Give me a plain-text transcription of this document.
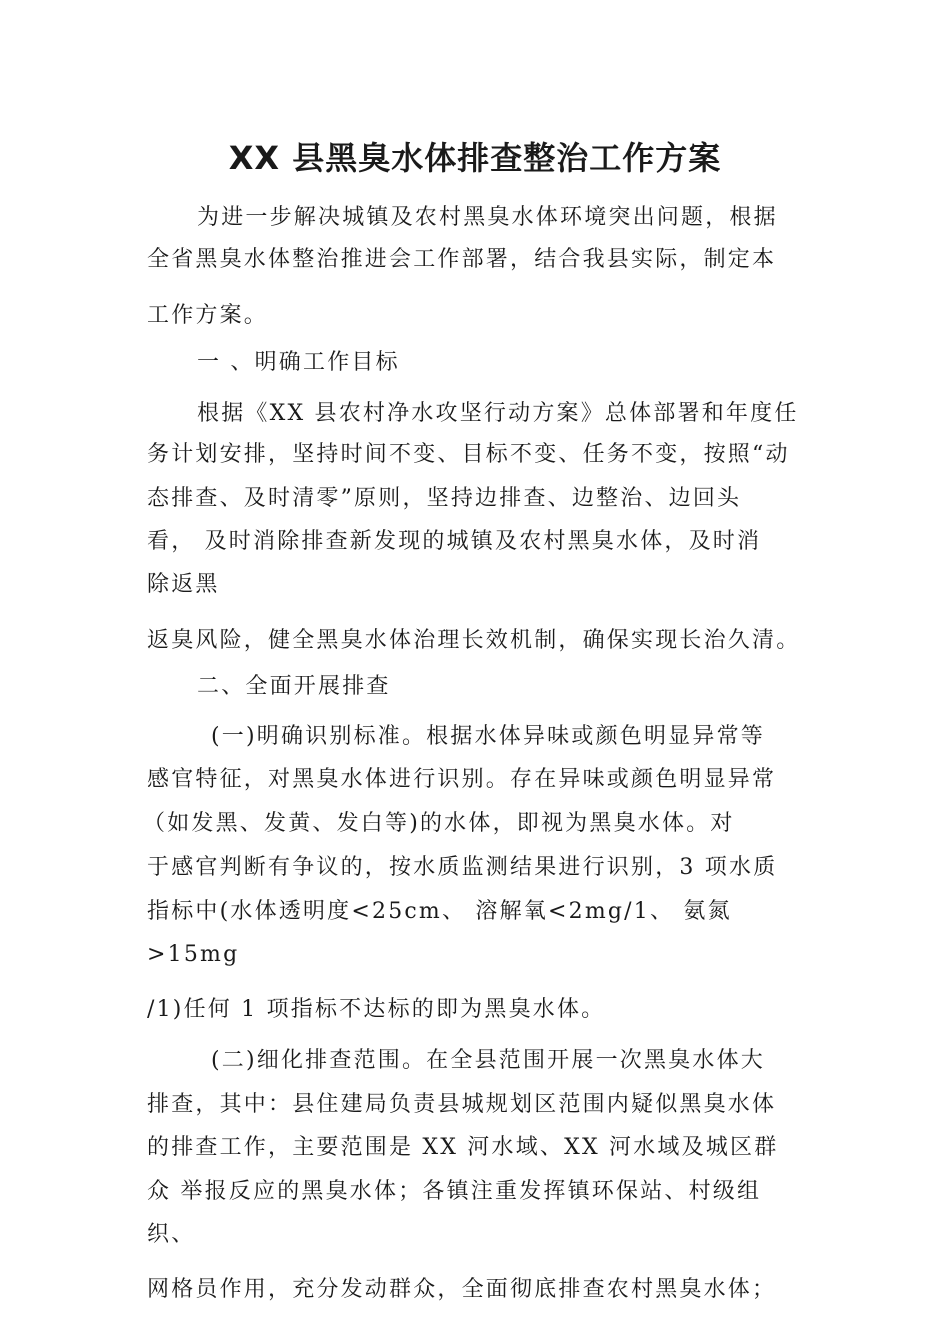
XX 县黑臭水体排查整治工作方案
为进一步解决城镇及农村黑臭水体环境突出问题，根据
全省黑臭水体整治推进会工作部署，结合我县实际，制定本
工作方案。
一 、明确工作目标
根据《XX 县农村净水攻坚行动方案》总体部署和年度任
务计划安排，坚持时间不变、目标不变、任务不变，按照“动
态排查、及时清零”原则，坚持边排查、边整治、边回头
看， 及时消除排查新发现的城镇及农村黑臭水体，及时消
除返黑
返臭风险，健全黑臭水体治理长效机制，确保实现长治久清。
二、全面开展排查
(一)明确识别标准。根据水体异味或颜色明显异常等
感官特征，对黑臭水体进行识别。存在异味或颜色明显异常
（如发黑、发黄、发白等)的水体，即视为黑臭水体。对
于感官判断有争议的，按水质监测结果进行识别，3 项水质
指标中(水体透明度<25cm、 溶解氧<2mg/1、 氨氮
>15mg
/1)任何 1 项指标不达标的即为黑臭水体。
(二)细化排查范围。在全县范围开展一次黑臭水体大
排查，其中：县住建局负责县城规划区范围内疑似黑臭水体
的排查工作，主要范围是 XX 河水域、XX 河水域及城区群
众 举报反应的黑臭水体；各镇注重发挥镇环保站、村级组
织、
网格员作用，充分发动群众，全面彻底排查农村黑臭水体；
